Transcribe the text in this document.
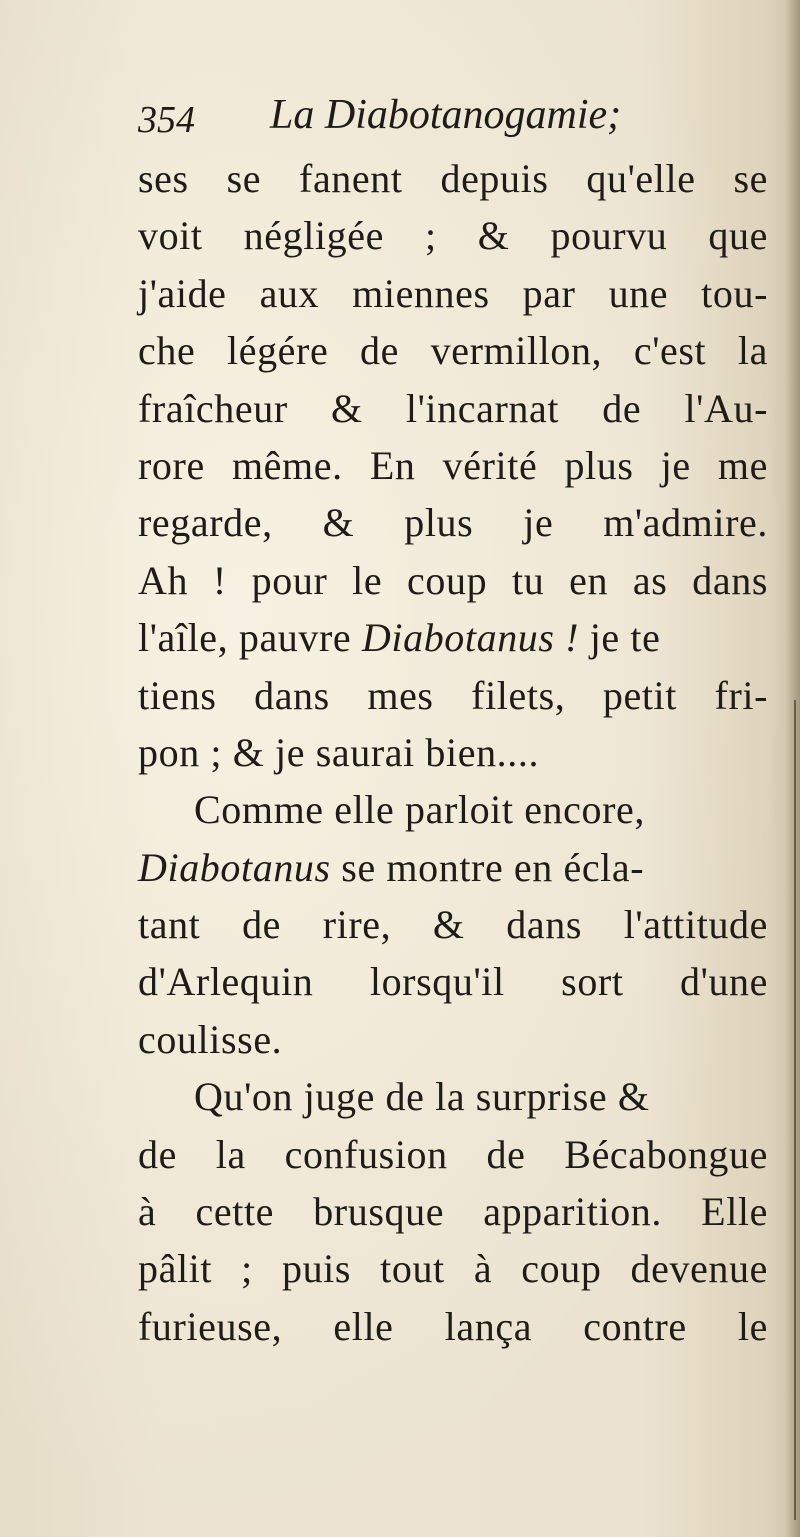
354 La Diabotanogamie;
ses se fanent depuis qu'elle se
voit négligée ; & pourvu que
j'aide aux miennes par une tou-
che légére de vermillon, c'est la
fraîcheur & l'incarnat de l'Au-
rore même. En vérité plus je me
regarde, & plus je m'admire.
Ah ! pour le coup tu en as dans
l'aîle, pauvre Diabotanus ! je te
tiens dans mes filets, petit fri-
pon ; & je saurai bien....
Comme elle parloit encore,
Diabotanus se montre en écla-
tant de rire, & dans l'attitude
d'Arlequin lorsqu'il sort d'une
coulisse.
Qu'on juge de la surprise &
de la confusion de Bécabongue
à cette brusque apparition. Elle
pâlit ; puis tout à coup devenue
furieuse, elle lança contre le
